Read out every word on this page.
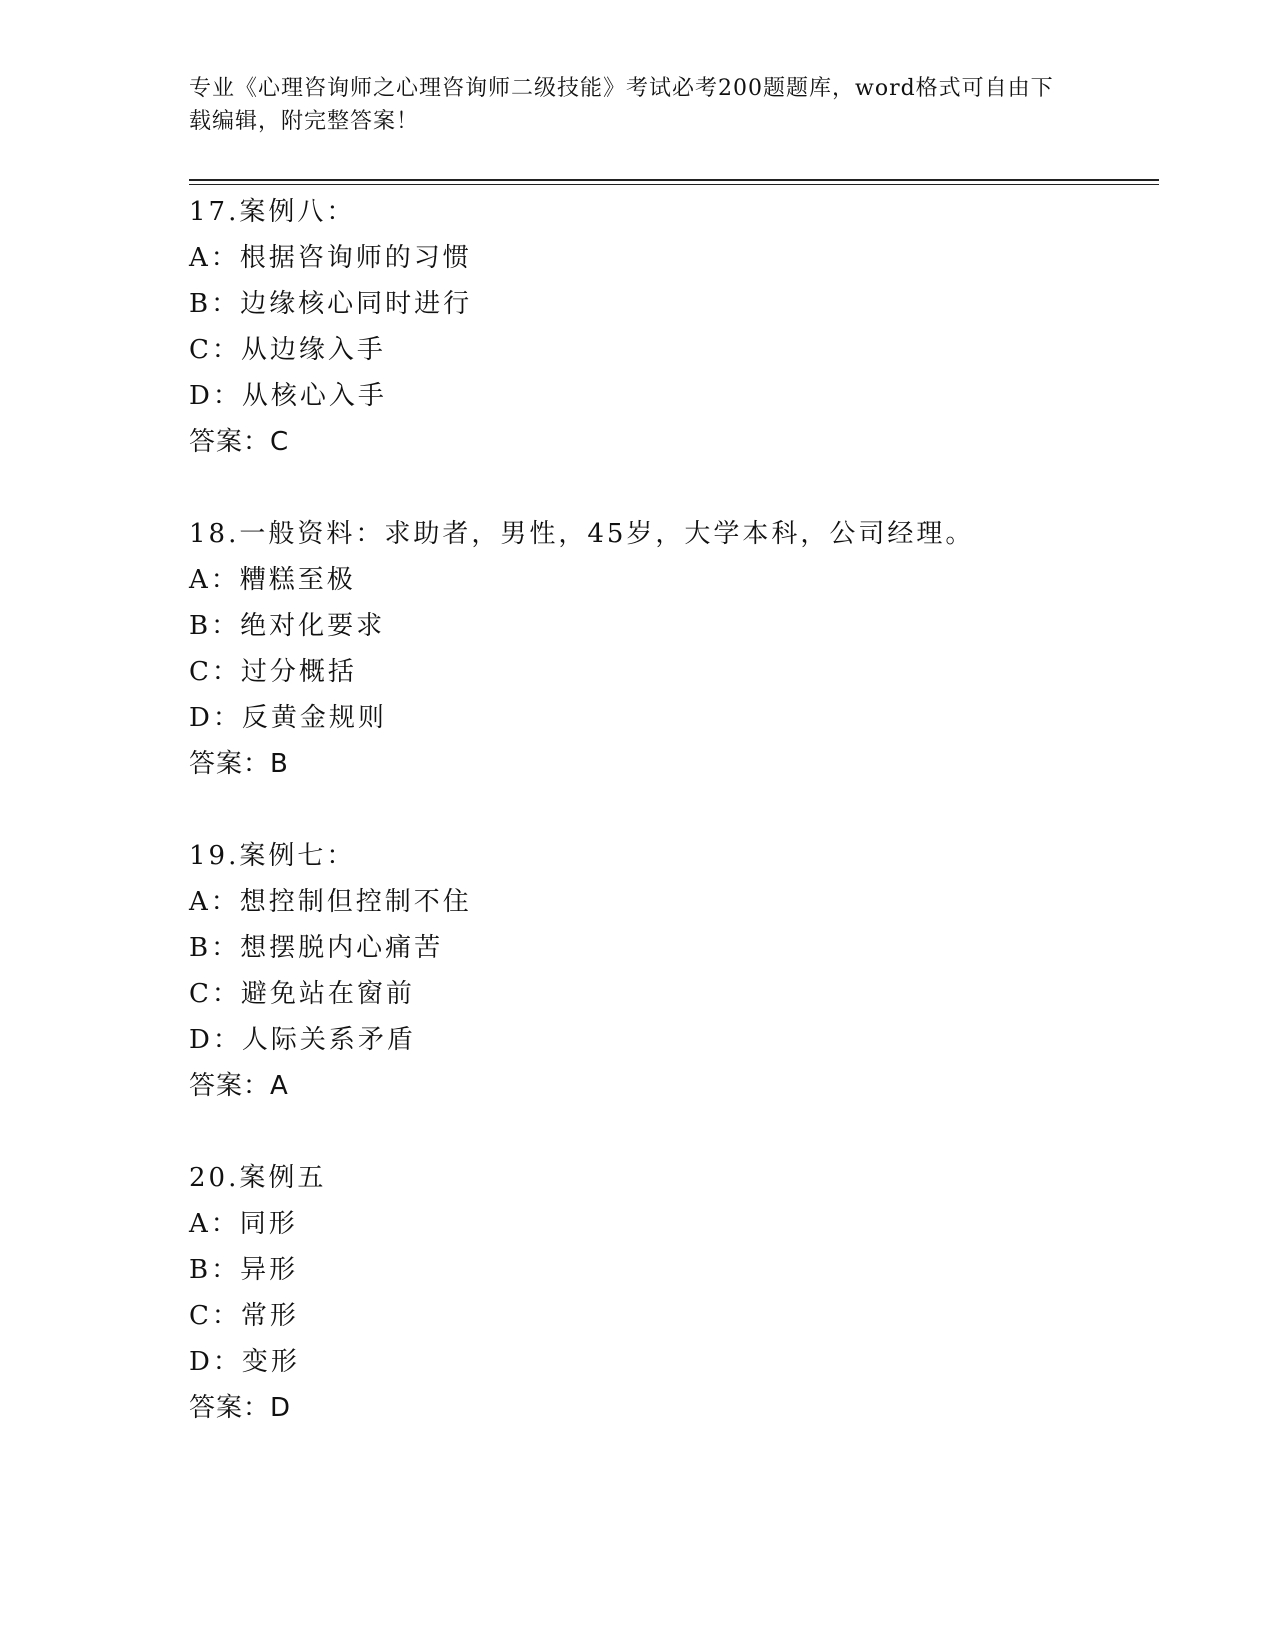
专业《心理咨询师之心理咨询师二级技能》考试必考200题题库，word格式可自由下载编辑，附完整答案！
17.案例八：
A：根据咨询师的习惯
B：边缘核心同时进行
C：从边缘入手
D：从核心入手
答案：C
18.一般资料：求助者，男性，45岁，大学本科，公司经理。
A：糟糕至极
B：绝对化要求
C：过分概括
D：反黄金规则
答案：B
19.案例七：
A：想控制但控制不住
B：想摆脱内心痛苦
C：避免站在窗前
D：人际关系矛盾
答案：A
20.案例五
A：同形
B：异形
C：常形
D：变形
答案：D
